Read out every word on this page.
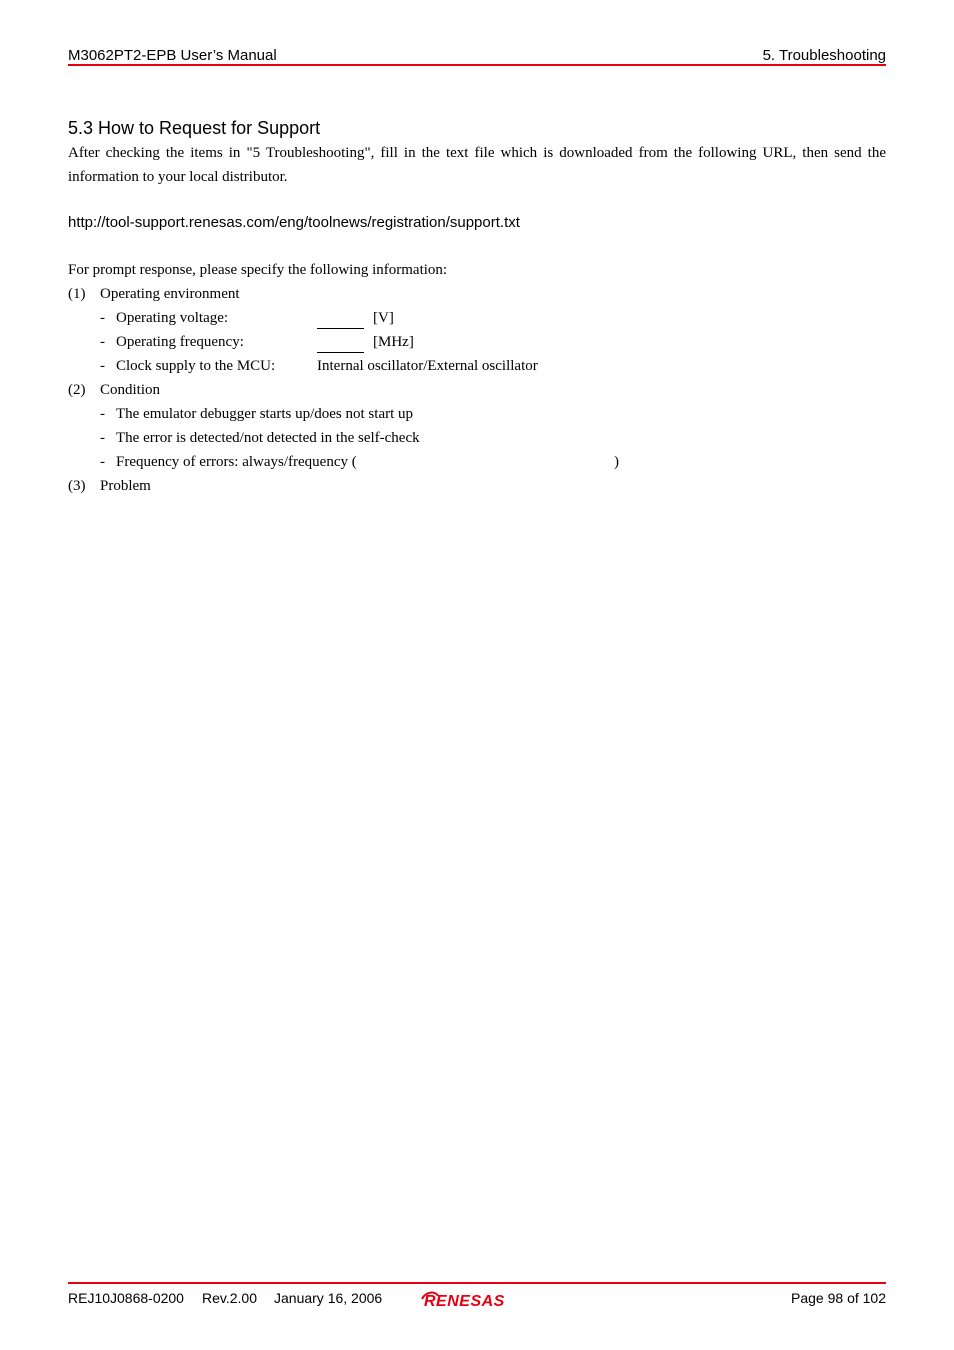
M3062PT2-EPB User’s Manual	5. Troubleshooting
5.3 How to Request for Support
After checking the items in "5 Troubleshooting", fill in the text file which is downloaded from the following URL, then send the information to your local distributor.
http://tool-support.renesas.com/eng/toolnews/registration/support.txt
For prompt response, please specify the following information:
(1) Operating environment
- Operating voltage:	[V]
- Operating frequency:	[MHz]
- Clock supply to the MCU:	Internal oscillator/External oscillator
(2) Condition
- The emulator debugger starts up/does not start up
- The error is detected/not detected in the self-check
- Frequency of errors: always/frequency (	)
(3) Problem
REJ10J0868-0200 Rev.2.00 January 16, 2006	RENESAS	Page 98 of 102
